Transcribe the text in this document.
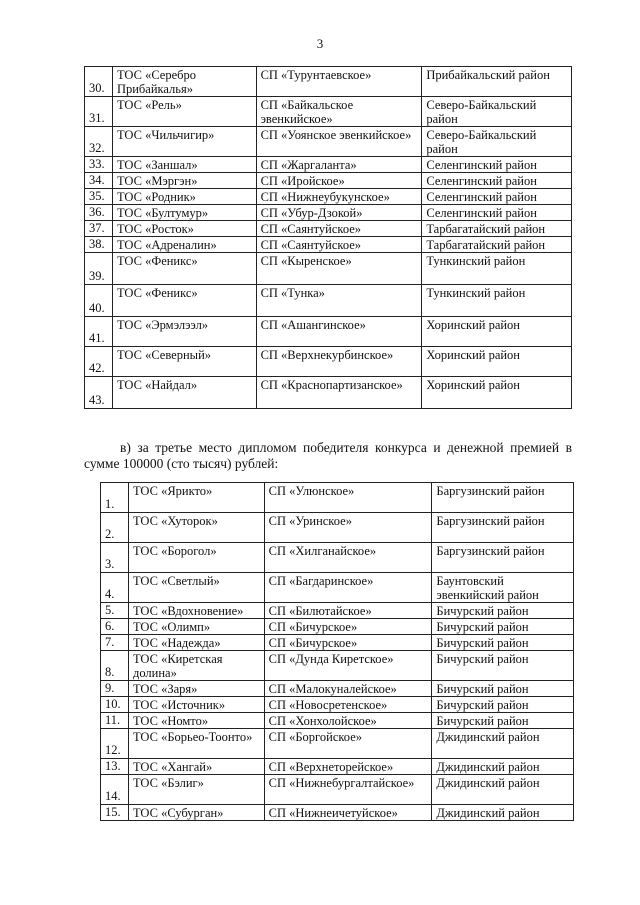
3
30.	ТОС «Серебро Прибайкалья»	СП «Турунтаевское»	Прибайкальский район
31.	ТОС «Рель»	СП «Байкальское эвенкийское»	Северо-Байкальский район
32.	ТОС «Чильчигир»	СП «Уоянское эвенкийское»	Северо-Байкальский район
33.	ТОС «Заншал»	СП «Жаргаланта»	Селенгинский район
34.	ТОС «Мэргэн»	СП «Иройское»	Селенгинский район
35.	ТОС «Родник»	СП «Нижнеубукунское»	Селенгинский район
36.	ТОС «Бултумур»	СП «Убур-Дзокой»	Селенгинский район
37.	ТОС «Росток»	СП «Саянтуйское»	Тарбагатайский район
38.	ТОС «Адреналин»	СП «Саянтуйское»	Тарбагатайский район
39.	ТОС «Феникс»	СП «Кыренское»	Тункинский район
40.	ТОС «Феникс»	СП «Тунка»	Тункинский район
41.	ТОС «Эрмэлээл»	СП «Ашангинское»	Хоринский район
42.	ТОС «Северный»	СП «Верхнекурбинское»	Хоринский район
43.	ТОС «Найдал»	СП «Краснопартизанское»	Хоринский район
в) за третье место дипломом победителя конкурса и денежной премией в сумме 100000 (сто тысяч) рублей:
1.	ТОС «Ярикто»	СП «Улюнское»	Баргузинский район
2.	ТОС «Хуторок»	СП «Уринское»	Баргузинский район
3.	ТОС «Борогол»	СП «Хилганайское»	Баргузинский район
4.	ТОС «Светлый»	СП «Багдаринское»	Баунтовский эвенкийский район
5.	ТОС «Вдохновение»	СП «Билютайское»	Бичурский район
6.	ТОС «Олимп»	СП «Бичурское»	Бичурский район
7.	ТОС «Надежда»	СП «Бичурское»	Бичурский район
8.	ТОС «Киретская долина»	СП «Дунда Киретское»	Бичурский район
9.	ТОС «Заря»	СП «Малокуналейское»	Бичурский район
10.	ТОС «Источник»	СП «Новосретенское»	Бичурский район
11.	ТОС «Номто»	СП «Хонхолойское»	Бичурский район
12.	ТОС «Борьео-Тоонто»	СП «Боргойское»	Джидинский район
13.	ТОС «Хангай»	СП «Верхнеторейское»	Джидинский район
14.	ТОС «Бэлиг»	СП «Нижнебургалтайское»	Джидинский район
15.	ТОС «Субурган»	СП «Нижнеичетуйское»	Джидинский район
